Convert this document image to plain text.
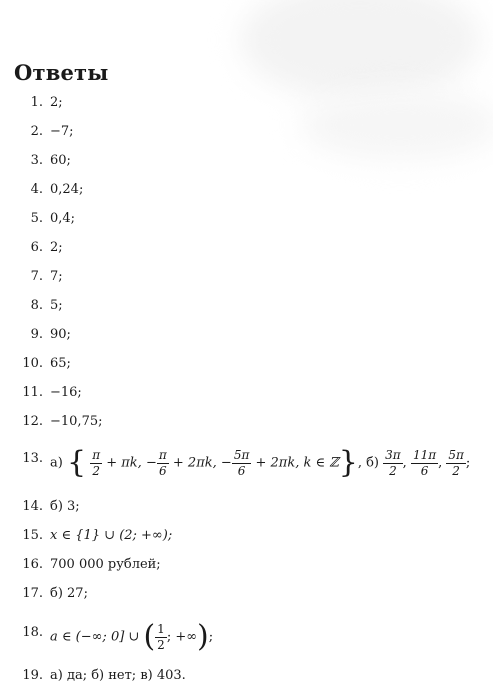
Ответы
1. 2;
2. −7;
3. 60;
4. 0,24;
5. 0,4;
6. 2;
7. 7;
8. 5;
9. 90;
10. 65;
11. −16;
12. −10,75;
13. а) { $\frac{\pi}{2} + \pi k$, − $\frac{\pi}{6} + 2\pi k$, − $\frac{5\pi}{6} + 2\pi k$, k ∈ ℤ}, $б) \frac{3\pi}{2}$ , $\frac{11\pi}{6}$ , $\frac{5\pi}{2}$ ;
14. б) 3;
15. x ∈ {1} ∪ (2; +∞);
16. 700 000 рублей;
17. б) 27;
18. a ∈ (−∞; 0] ∪ ( $\frac{1}{2}$ ; +∞);
19. а) да; б) нет; в) 403.
